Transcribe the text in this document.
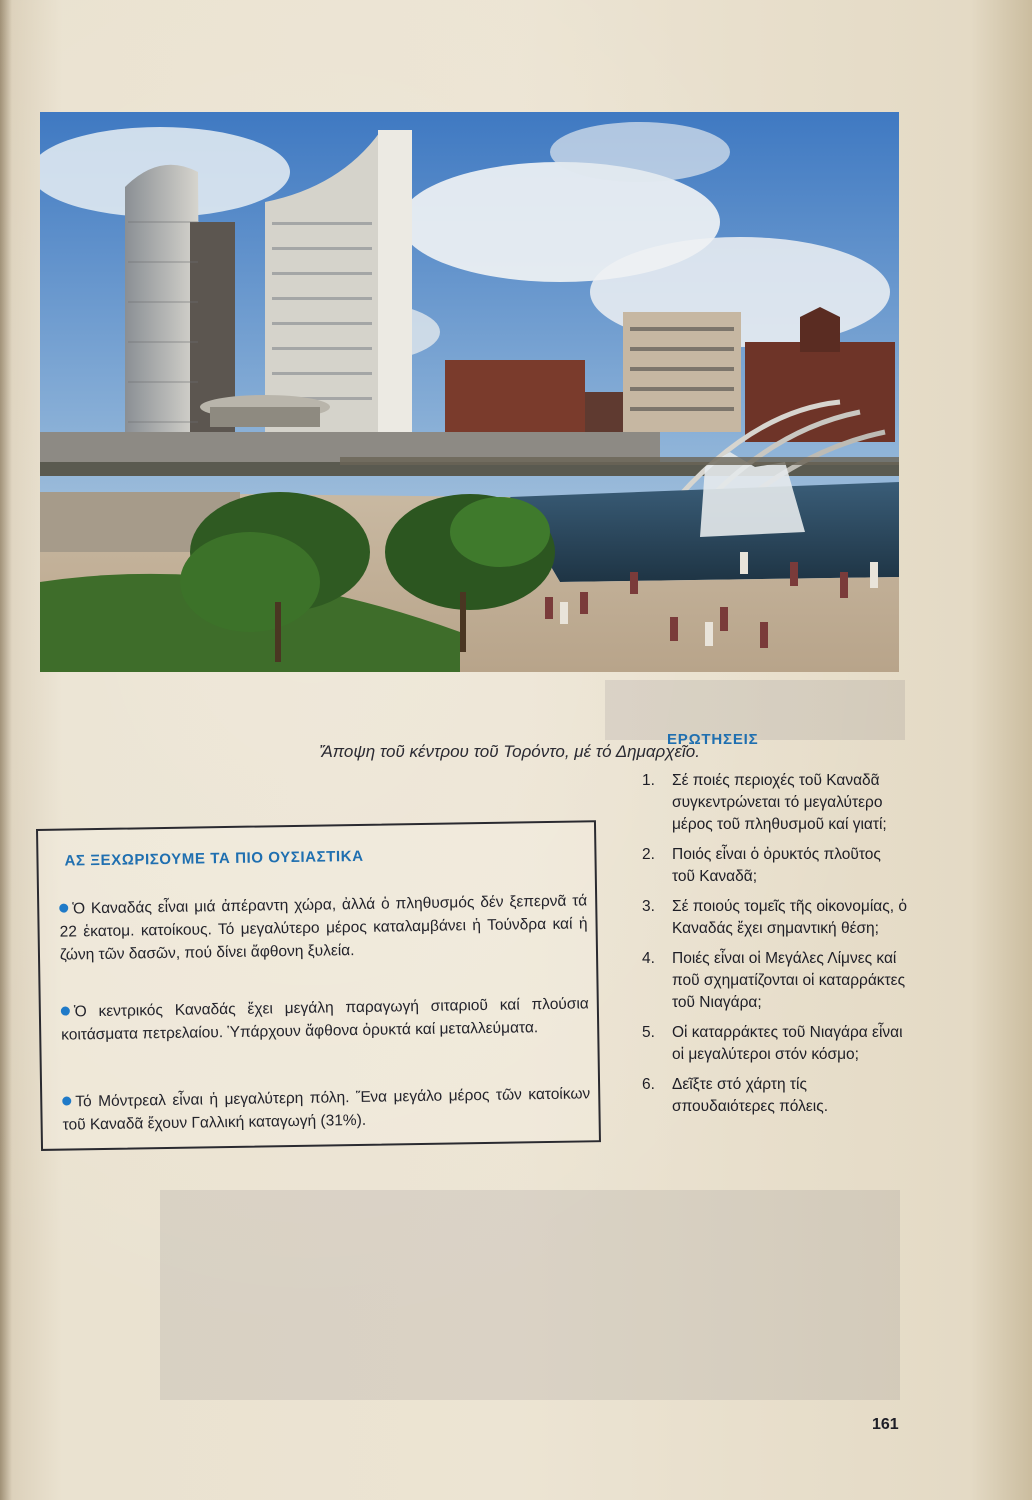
Ἄποψη τοῦ κέντρου τοῦ Τορόντο, μέ τό Δημαρχεῖο.
ΑΣ ΞΕΧΩΡΙΣΟΥΜΕ ΤΑ ΠΙΟ ΟΥΣΙΑΣΤΙΚΑ
Ὁ Καναδάς εἶναι μιά ἀπέραντη χώρα, ἀλλά ὁ πληθυσμός δέν ξεπερνᾶ τά 22 ἑκατομ. κατοίκους. Τό μεγαλύτερο μέρος καταλαμβάνει ἡ Τούνδρα καί ἡ ζώνη τῶν δασῶν, πού δίνει ἄφθονη ξυλεία.
Ὁ κεντρικός Καναδάς ἔχει μεγάλη παραγωγή σιταριοῦ καί πλούσια κοιτάσματα πετρελαίου. Ὑπάρχουν ἄφθονα ὀρυκτά καί μεταλλεύματα.
Τό Μόντρεαλ εἶναι ἡ μεγαλύτερη πόλη. Ἕνα μεγάλο μέρος τῶν κατοίκων τοῦ Καναδᾶ ἔχουν Γαλλική καταγωγή (31%).
ΕΡΩΤΗΣΕΙΣ
1. Σέ ποιές περιοχές τοῦ Καναδᾶ συγκεντρώνεται τό μεγαλύτερο μέρος τοῦ πληθυσμοῦ καί γιατί;
2. Ποιός εἶναι ὁ ὀρυκτός πλοῦτος τοῦ Καναδᾶ;
3. Σέ ποιούς τομεῖς τῆς οἰκονομίας, ὁ Καναδάς ἔχει σημαντική θέση;
4. Ποιές εἶναι οἱ Μεγάλες Λίμνες καί ποῦ σχηματίζονται οἱ καταρράκτες τοῦ Νιαγάρα;
5. Οἱ καταρράκτες τοῦ Νιαγάρα εἶναι οἱ μεγαλύτεροι στόν κόσμο;
6. Δεῖξτε στό χάρτη τίς σπουδαιότερες πόλεις.
161
